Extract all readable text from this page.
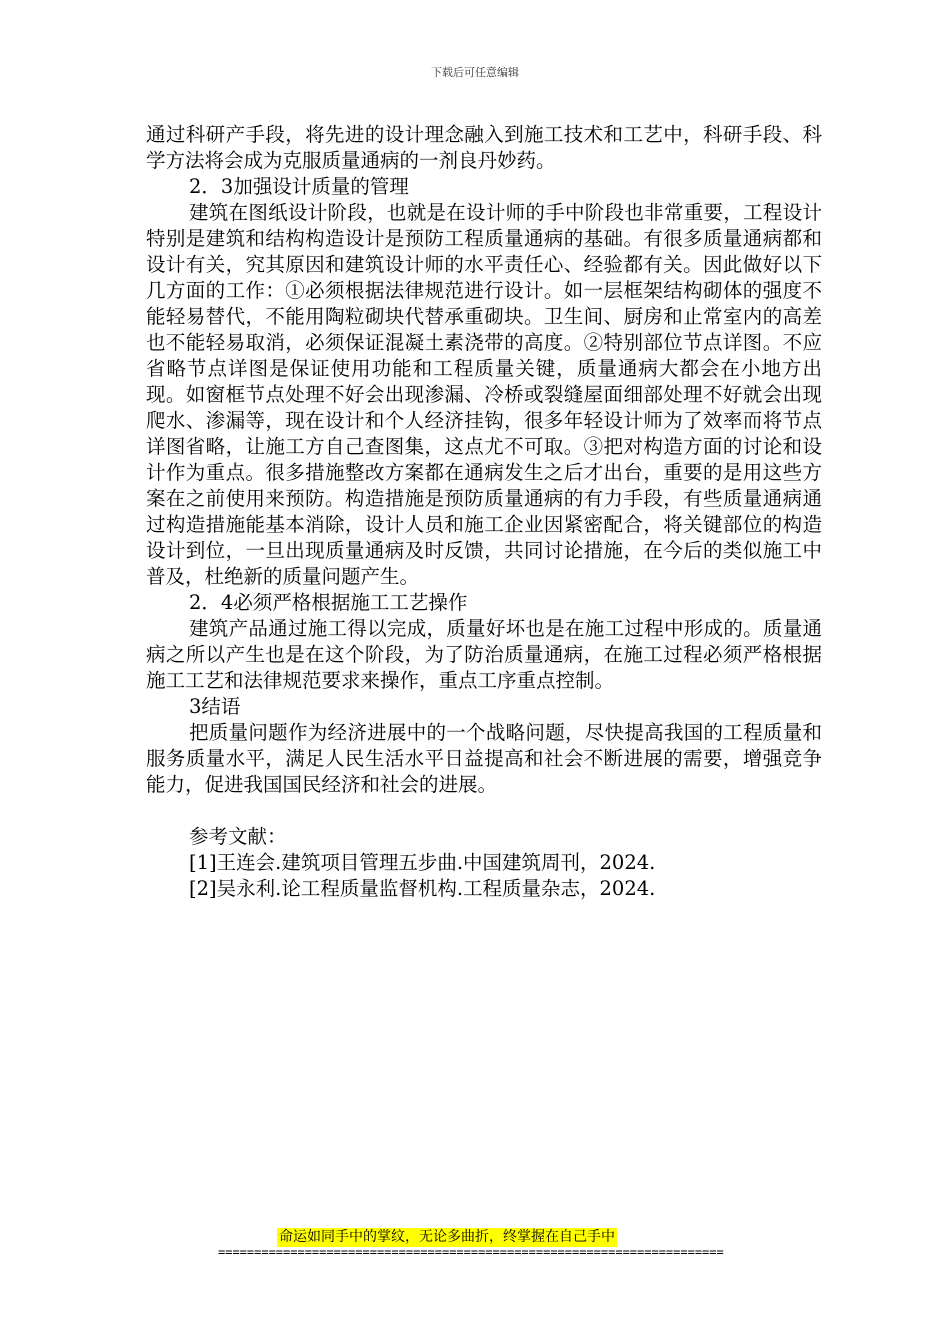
下载后可任意编辑

通过科研产手段，将先进的设计理念融入到施工技术和工艺中，科研手段、科学方法将会成为克服质量通病的一剂良丹妙药。

2．3加强设计质量的管理

建筑在图纸设计阶段，也就是在设计师的手中阶段也非常重要，工程设计特别是建筑和结构构造设计是预防工程质量通病的基础。有很多质量通病都和设计有关，究其原因和建筑设计师的水平责任心、经验都有关。因此做好以下几方面的工作：①必须根据法律规范进行设计。如一层框架结构砌体的强度不能轻易替代，不能用陶粒砌块代替承重砌块。卫生间、厨房和止常室内的高差也不能轻易取消，必须保证混凝土素浇带的高度。②特别部位节点详图。不应省略节点详图是保证使用功能和工程质量关键，质量通病大都会在小地方出现。如窗框节点处理不好会出现渗漏、冷桥或裂缝屋面细部处理不好就会出现爬水、渗漏等，现在设计和个人经济挂钩，很多年轻设计师为了效率而将节点详图省略，让施工方自己查图集，这点尤不可取。③把对构造方面的讨论和设计作为重点。很多措施整改方案都在通病发生之后才出台，重要的是用这些方案在之前使用来预防。构造措施是预防质量通病的有力手段，有些质量通病通过构造措施能基本消除，设计人员和施工企业因紧密配合，将关键部位的构造设计到位，一旦出现质量通病及时反馈，共同讨论措施，在今后的类似施工中普及，杜绝新的质量问题产生。

2．4必须严格根据施工工艺操作

建筑产品通过施工得以完成，质量好坏也是在施工过程中形成的。质量通病之所以产生也是在这个阶段，为了防治质量通病，在施工过程必须严格根据施工工艺和法律规范要求来操作，重点工序重点控制。

3结语

把质量问题作为经济进展中的一个战略问题，尽快提高我国的工程质量和服务质量水平，满足人民生活水平日益提高和社会不断进展的需要，增强竞争能力，促进我国国民经济和社会的进展。

参考文献：

[1]王连会.建筑项目管理五步曲.中国建筑周刊，2024.

[2]吴永利.论工程质量监督机构.工程质量杂志，2024.

命运如同手中的掌纹，无论多曲折，终掌握在自己手中
======================================================================
